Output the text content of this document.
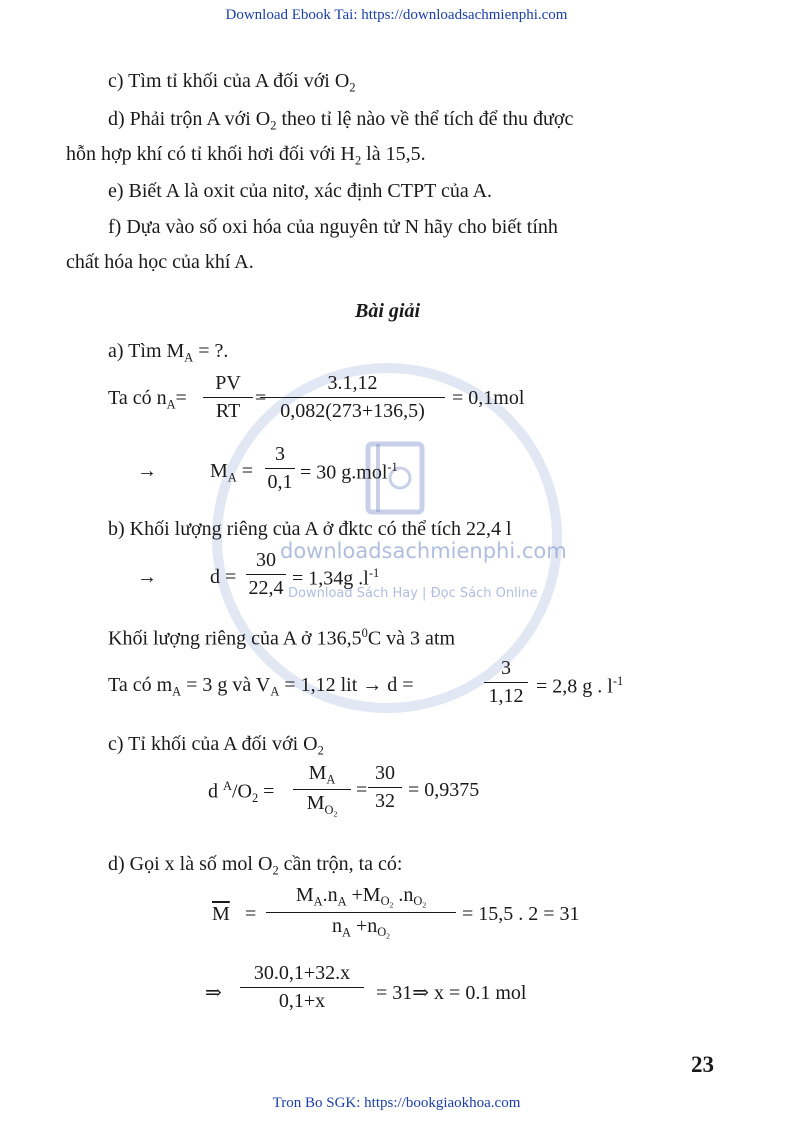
downloadsachmienphi.com
Download Sách Hay | Đọc Sách Online
Download Ebook Tai: https://downloadsachmienphi.com
Tron Bo SGK: https://bookgiaokhoa.com
c) Tìm tỉ khối của A đối với $O_2$
d) Phải trộn A với $O_2$ theo tỉ lệ nào về thể tích để thu được
hỗn hợp khí có tỉ khối hơi đối với $H_2$ là 15,5.
e) Biết A là oxit của nitơ, xác định CTPT của A.
f) Dựa vào số oxi hóa của nguyên tử N hãy cho biết tính
chất hóa học của khí A.
Bài giải
a) Tìm $M_A$ = ?.
Ta có $n_A= \frac{PV}{RT}$ =
$\frac{3.1,12}{0,082(273+136,5)} = 0,1mol$
→	$M_A = \frac{3}{0,1} = 30$ g.mol$^{-1}$
b) Khối lượng riêng của A ở đktc có thể tích 22,4 l
→	$d = \frac{30}{22,4} = 1,34g$ $.l^{-1}$
Khối lượng riêng của A ở 136,5$^0$C và 3 atm
Ta có $m_A = 3$ g và $V_A = 1,12$ lit → d =	$\frac{3}{1,12} = 2,8$ g . $l^{-1}$
c) Tỉ khối của A đối với $O_2$
d $^A/O_2 = \frac{M_A}{M_{O_2}} = \frac{30}{32} = 0,9375$
d) Gọi x là số mol $O_2$ cần trộn, ta có:
$\overline{M} = \frac{M_A.n_A +M_{O_2} .n_{O_2}}{n_A +n_{O_2}} = 15,5$ . 2 = 31
⇒ $\frac{30.0,1+32.x}{0,1+x}$ = 31⇒ x = 0.1 mol
23
